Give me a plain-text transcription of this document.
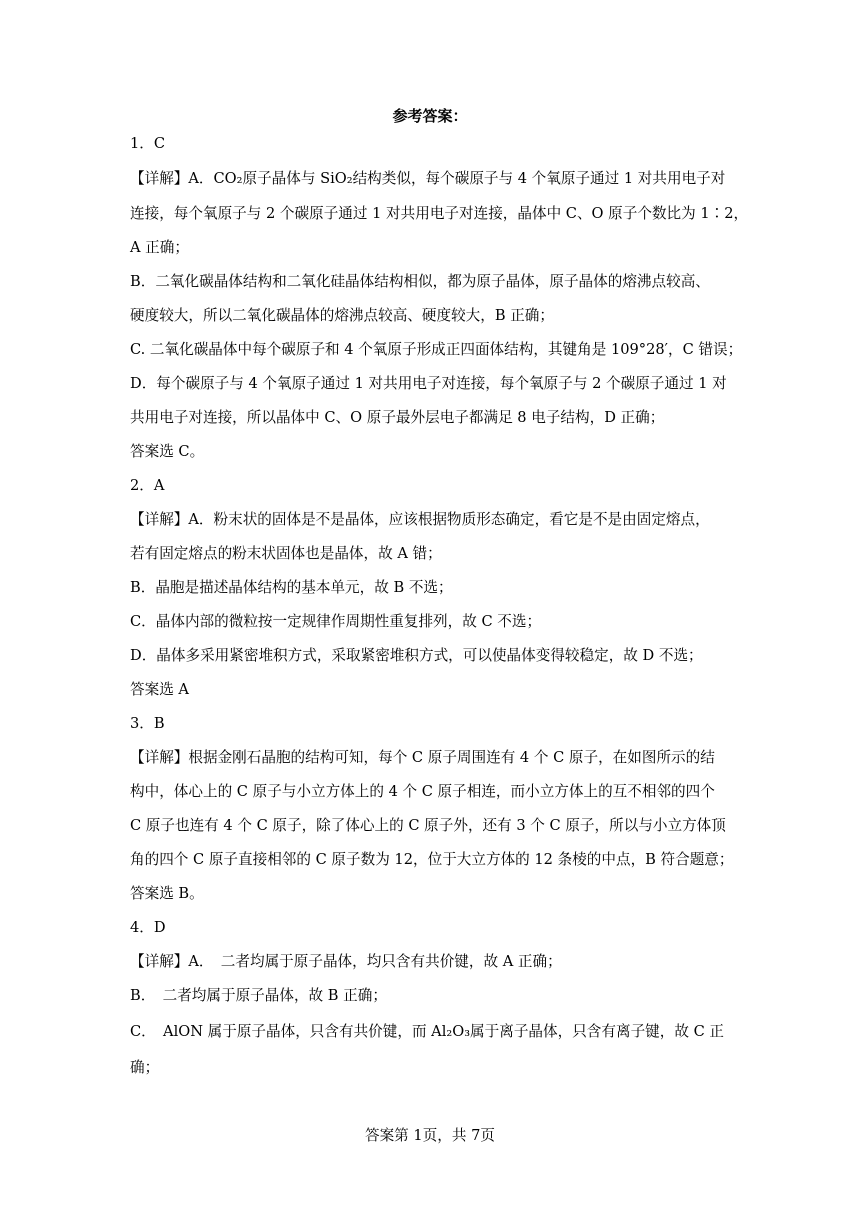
参考答案：
1．C
【详解】A．CO₂原子晶体与 SiO₂结构类似，每个碳原子与 4 个氧原子通过 1 对共用电子对
连接，每个氧原子与 2 个碳原子通过 1 对共用电子对连接，晶体中 C、O 原子个数比为 1∶2，
A 正确；
B．二氧化碳晶体结构和二氧化硅晶体结构相似，都为原子晶体，原子晶体的熔沸点较高、
硬度较大，所以二氧化碳晶体的熔沸点较高、硬度较大，B 正确；
C. 二氧化碳晶体中每个碳原子和 4 个氧原子形成正四面体结构，其键角是 109°28′，C 错误；
D．每个碳原子与 4 个氧原子通过 1 对共用电子对连接，每个氧原子与 2 个碳原子通过 1 对
共用电子对连接，所以晶体中 C、O 原子最外层电子都满足 8 电子结构，D 正确；
答案选 C。
2．A
【详解】A．粉末状的固体是不是晶体，应该根据物质形态确定，看它是不是由固定熔点，
若有固定熔点的粉末状固体也是晶体，故 A 错；
B．晶胞是描述晶体结构的基本单元，故 B 不选；
C．晶体内部的微粒按一定规律作周期性重复排列，故 C 不选；
D．晶体多采用紧密堆积方式，采取紧密堆积方式，可以使晶体变得较稳定，故 D 不选；
答案选 A
3．B
【详解】根据金刚石晶胞的结构可知，每个 C 原子周围连有 4 个 C 原子，在如图所示的结
构中，体心上的 C 原子与小立方体上的 4 个 C 原子相连，而小立方体上的互不相邻的四个
C 原子也连有 4 个 C 原子，除了体心上的 C 原子外，还有 3 个 C 原子，所以与小立方体顶
角的四个 C 原子直接相邻的 C 原子数为 12，位于大立方体的 12 条棱的中点，B 符合题意；
答案选 B。
4．D
【详解】A．　二者均属于原子晶体，均只含有共价键，故 A 正确；
B．　二者均属于原子晶体，故 B 正确；
C．　AlON 属于原子晶体，只含有共价键，而 Al₂O₃属于离子晶体，只含有离子键，故 C 正
确；
答案第 1页，共 7页
